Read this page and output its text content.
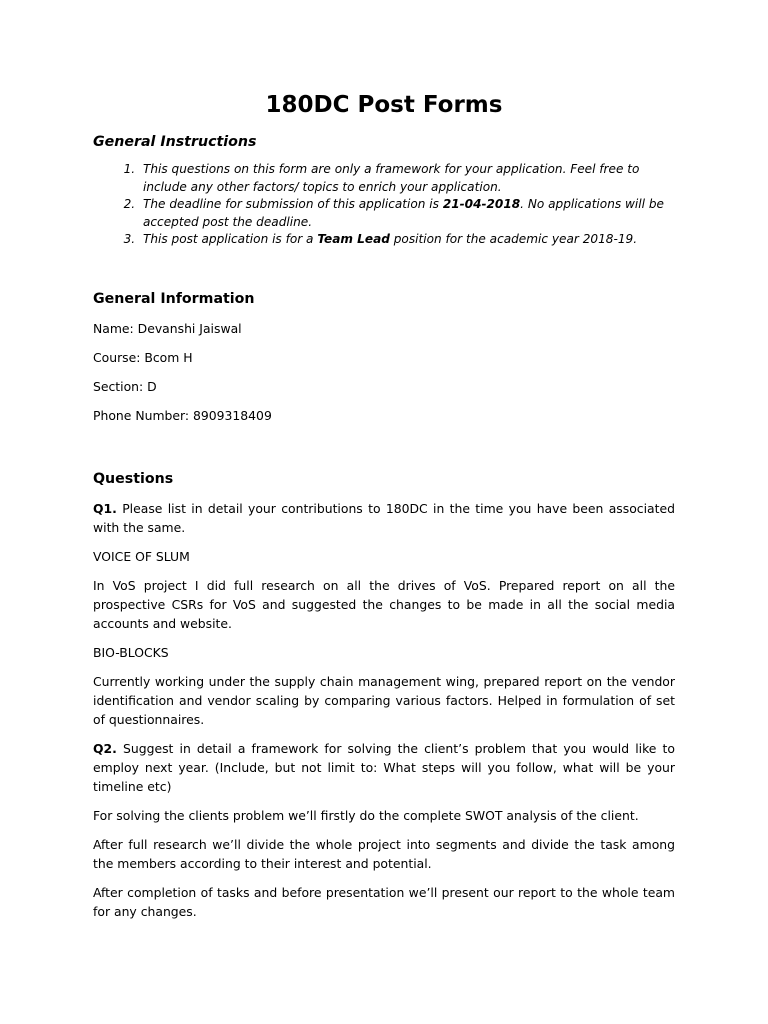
180DC Post Forms
General Instructions
1. This questions on this form are only a framework for your application. Feel free to include any other factors/ topics to enrich your application.
2. The deadline for submission of this application is 21-04-2018. No applications will be accepted post the deadline.
3. This post application is for a Team Lead position for the academic year 2018-19.
General Information

Name: Devanshi Jaiswal

Course: Bcom H

Section: D

Phone Number: 8909318409

Questions

Q1. Please list in detail your contributions to 180DC in the time you have been associated with the same.

VOICE OF SLUM

In VoS project I did full research on all the drives of VoS. Prepared report on all the prospective CSRs for VoS and suggested the changes to be made in all the social media accounts and website.

BIO-BLOCKS

Currently working under the supply chain management wing, prepared report on the vendor identification and vendor scaling by comparing various factors. Helped in formulation of set of questionnaires.

Q2. Suggest in detail a framework for solving the client’s problem that you would like to employ next year. (Include, but not limit to: What steps will you follow, what will be your timeline etc)

For solving the clients problem we’ll firstly do the complete SWOT analysis of the client.

After full research we’ll divide the whole project into segments and divide the task among the members according to their interest and potential.

After completion of tasks and before presentation we’ll present our report to the whole team for any changes.
